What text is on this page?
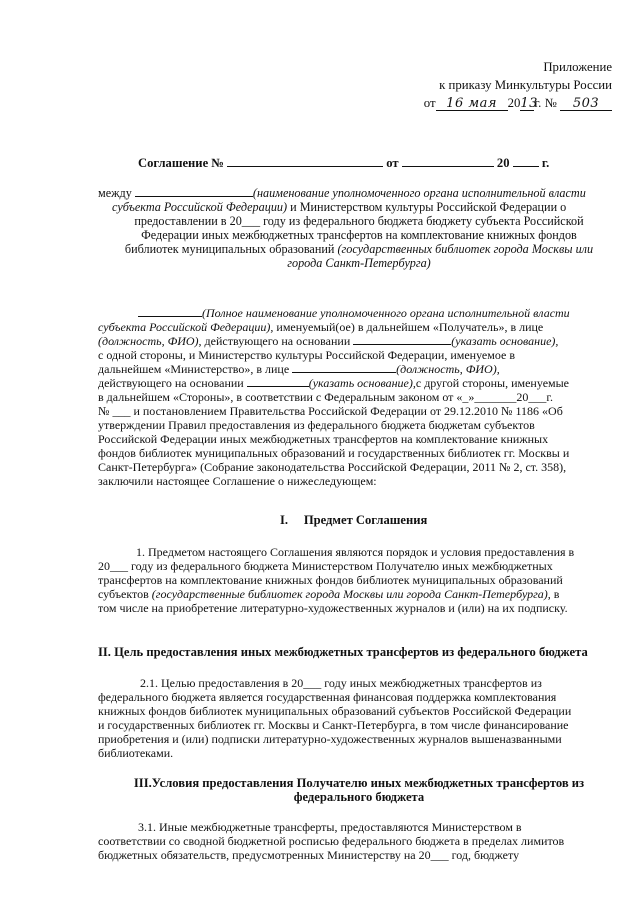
Приложение
к приказу Минкультуры России
от 16 мая 2013г. № 503
Соглашение №	от	20	г.
между	(наименование уполномоченного органа исполнительной власти
субъекта Российской Федерации) и Министерством культуры Российской Федерации о
предоставлении в 20___ году из федерального бюджета бюджету субъекта Российской
Федерации иных межбюджетных трансфертов на комплектование книжных фондов
библиотек муниципальных образований (государственных библиотек города Москвы или
города Санкт-Петербурга)
(Полное наименование уполномоченного органа исполнительной власти
субъекта Российской Федерации), именуемый(ое) в дальнейшем «Получатель», в лице
(должность, ФИО), действующего на основании	(указать основание),
с одной стороны, и Министерство культуры Российской Федерации, именуемое в
дальнейшем «Министерство», в лице	(должность, ФИО),
действующего на основании	(указать основание),с другой стороны, именуемые
в дальнейшем «Стороны», в соответствии с Федеральным законом от «_»_______20___г.
№ ___ и постановлением Правительства Российской Федерации от 29.12.2010 № 1186 «Об
утверждении Правил предоставления из федерального бюджета бюджетам субъектов
Российской Федерации иных межбюджетных трансфертов на комплектование книжных
фондов библиотек муниципальных образований и государственных библиотек гг. Москвы и
Санкт-Петербурга» (Собрание законодательства Российской Федерации, 2011 № 2, ст. 358),
заключили настоящее Соглашение о нижеследующем:
I. Предмет Соглашения
1. Предметом настоящего Соглашения являются порядок и условия предоставления в
20___ году из федерального бюджета Министерством Получателю иных межбюджетных
трансфертов на комплектование книжных фондов библиотек муниципальных образований
субъектов (государственные библиотек города Москвы или города Санкт-Петербурга), в
том числе на приобретение литературно-художественных журналов и (или) на их подписку.
II. Цель предоставления иных межбюджетных трансфертов из федерального бюджета
2.1. Целью предоставления в 20___ году иных межбюджетных трансфертов из
федерального бюджета является государственная финансовая поддержка комплектования
книжных фондов библиотек муниципальных образований субъектов Российской Федерации
и государственных библиотек гг. Москвы и Санкт-Петербурга, в том числе финансирование
приобретения и (или) подписки литературно-художественных журналов вышеназванными
библиотеками.
III.Условия предоставления Получателю иных межбюджетных трансфертов из
федерального бюджета
3.1. Иные межбюджетные трансферты, предоставляются Министерством в
соответствии со сводной бюджетной росписью федерального бюджета в пределах лимитов
бюджетных обязательств, предусмотренных Министерству на 20___ год, бюджету
